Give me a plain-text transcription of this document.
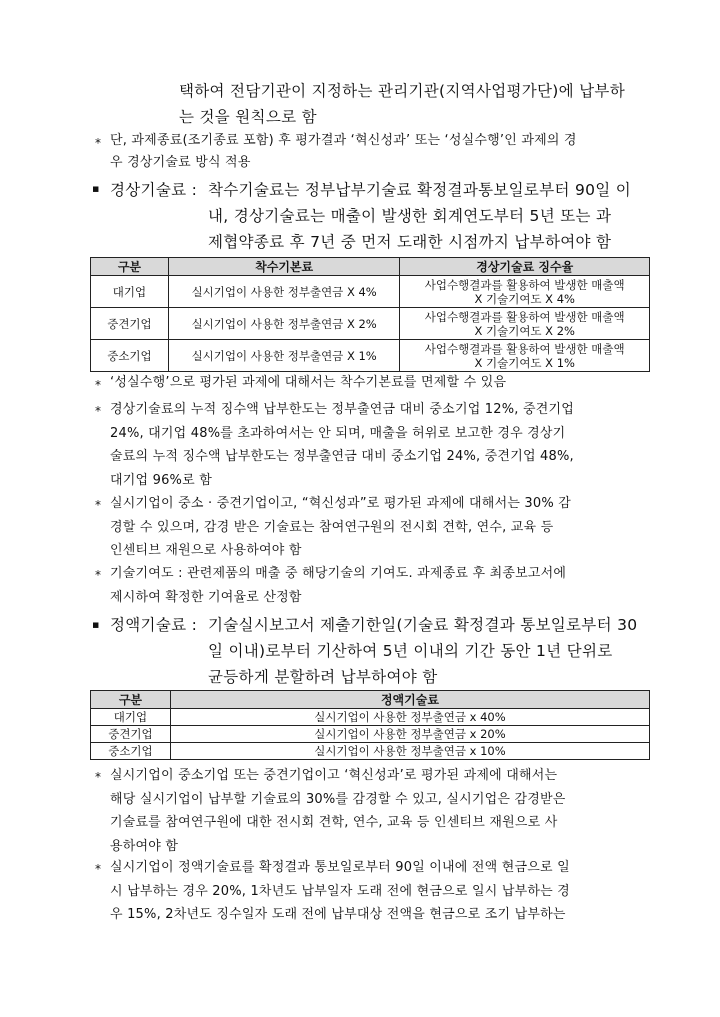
택하여 전담기관이 지정하는 관리기관(지역사업평가단)에 납부하
는 것을 원칙으로 함
* 단, 과제종료(조기종료 포함) 후 평가결과 ‘혁신성과’ 또는 ‘성실수행’인 과제의 경
우 경상기술료 방식 적용
▪ 경상기술료 : 착수기술료는 정부납부기술료 확정결과통보일로부터 90일 이
내, 경상기술료는 매출이 발생한 회계연도부터 5년 또는 과
제협약종료 후 7년 중 먼저 도래한 시점까지 납부하여야 함
구분	착수기본료	경상기술료 징수율
대기업	실시기업이 사용한 정부출연금 X 4%	사업수행결과를 활용하여 발생한 매출액
X 기술기여도 X 4%

중견기업	실시기업이 사용한 정부출연금 X 2%	사업수행결과를 활용하여 발생한 매출액
X 기술기여도 X 2%

중소기업	실시기업이 사용한 정부출연금 X 1%	사업수행결과를 활용하여 발생한 매출액
X 기술기여도 X 1%
* ‘성실수행’으로 평가된 과제에 대해서는 착수기본료를 면제할 수 있음
* 경상기술료의 누적 징수액 납부한도는 정부출연금 대비 중소기업 12%, 중견기업
24%, 대기업 48%를 초과하여서는 안 되며, 매출을 허위로 보고한 경우 경상기
술료의 누적 징수액 납부한도는 정부출연금 대비 중소기업 24%, 중견기업 48%,
대기업 96%로 함
* 실시기업이 중소 · 중견기업이고, “혁신성과”로 평가된 과제에 대해서는 30% 감
경할 수 있으며, 감경 받은 기술료는 참여연구원의 전시회 견학, 연수, 교육 등
인센티브 재원으로 사용하여야 함
* 기술기여도 : 관련제품의 매출 중 해당기술의 기여도. 과제종료 후 최종보고서에
제시하여 확정한 기여율로 산정함
▪ 정액기술료 : 기술실시보고서 제출기한일(기술료 확정결과 통보일로부터 30
일 이내)로부터 기산하여 5년 이내의 기간 동안 1년 단위로
균등하게 분할하려 납부하여야 함
구분	정액기술료
대기업	실시기업이 사용한 정부출연금 x 40%
중견기업	실시기업이 사용한 정부출연금 x 20%
중소기업	실시기업이 사용한 정부출연금 x 10%
* 실시기업이 중소기업 또는 중견기업이고 ‘혁신성과’로 평가된 과제에 대해서는
해당 실시기업이 납부할 기술료의 30%를 감경할 수 있고, 실시기업은 감경받은
기술료를 참여연구원에 대한 전시회 견학, 연수, 교육 등 인센티브 재원으로 사
용하여야 함
* 실시기업이 정액기술료를 확정결과 통보일로부터 90일 이내에 전액 현금으로 일
시 납부하는 경우 20%, 1차년도 납부일자 도래 전에 현금으로 일시 납부하는 경
우 15%, 2차년도 징수일자 도래 전에 납부대상 전액을 현금으로 조기 납부하는
